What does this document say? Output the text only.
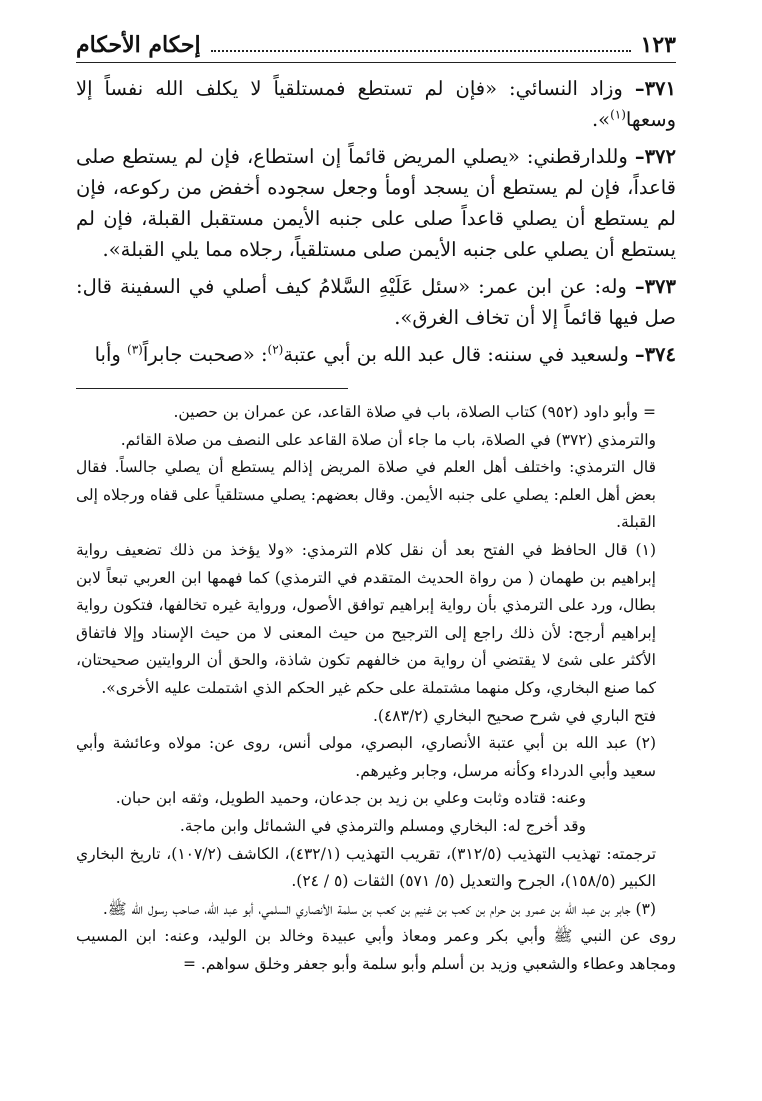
١٢٣
إحكام الأحكام

٣٧١– وزاد النسائي: «فإن لم تستطع فمستلقياً لا يكلف الله نفساً إلا وسعها$^{(١)}$».

٣٧٢– وللدارقطني: «يصلي المريض قائماً إن استطاع، فإن لم يستطع صلى قاعداً، فإن لم يستطع أن يسجد أومأ وجعل سجوده أخفض من ركوعه، فإن لم يستطع أن يصلي قاعداً صلى على جنبه الأيمن مستقبل القبلة، فإن لم يستطع أن يصلي على جنبه الأيمن صلى مستلقياً، رجلاه مما يلي القبلة».

٣٧٣– وله: عن ابن عمر: «سئل عَلَيْهِ السَّلامُ كيف أصلي في السفينة قال: صل فيها قائماً إلا أن تخاف الغرق».

٣٧٤– ولسعيد في سننه: قال عبد الله بن أبي عتبة$^{(٢)}$: «صحبت جابراً$^{(٣)}$ وأبا

= وأبو داود (٩٥٢) كتاب الصلاة، باب في صلاة القاعد، عن عمران بن حصين.

والترمذي (٣٧٢) في الصلاة، باب ما جاء أن صلاة القاعد على النصف من صلاة القائم.

قال الترمذي: واختلف أهل العلم في صلاة المريض إذالم يستطع أن يصلي جالساً. فقال بعض أهل العلم: يصلي على جنبه الأيمن. وقال بعضهم: يصلي مستلقياً على قفاه ورجلاه إلى القبلة.

(١) قال الحافظ في الفتح بعد أن نقل كلام الترمذي: «ولا يؤخذ من ذلك تضعيف رواية إبراهيم بن طهمان ( من رواة الحديث المتقدم في الترمذي) كما فهمها ابن العربي تبعاً لابن بطال، ورد على الترمذي بأن رواية إبراهيم توافق الأصول، ورواية غيره تخالفها، فتكون رواية إبراهيم أرجح: لأن ذلك راجع إلى الترجيح من حيث المعنى لا من حيث الإسناد وإلا فاتفاق الأكثر على شئ لا يقتضي أن رواية من خالفهم تكون شاذة، والحق أن الروايتين صحيحتان، كما صنع البخاري، وكل منهما مشتملة على حكم غير الحكم الذي اشتملت عليه الأخرى».

فتح الباري في شرح صحيح البخاري (٤٨٣/٢).

(٢) عبد الله بن أبي عتبة الأنصاري، البصري، مولى أنس، روى عن: مولاه وعائشة وأبي سعيد وأبي الدرداء وكأنه مرسل، وجابر وغيرهم.

وعنه: قتاده وثابت وعلي بن زيد بن جدعان، وحميد الطويل، وثقه ابن حبان.

وقد أخرج له: البخاري ومسلم والترمذي في الشمائل وابن ماجة.

ترجمته: تهذيب التهذيب (٣١٢/٥)، تقريب التهذيب (٤٣٢/١)، الكاشف (١٠٧/٢)، تاريخ البخاري الكبير (١٥٨/٥)، الجرح والتعديل (٥/ ٥٧١) الثقات (٥ / ٢٤).

(٣) جابر بن عبد الله بن عمرو بن حرام بن كعب بن غنيم بن كعب بن سلمة الأنصاري السلمي، أبو عبد الله، صاحب رسول الله ﷺ.

روى عن النبي ﷺ وأبي بكر وعمر ومعاذ وأبي عبيدة وخالد بن الوليد، وعنه: ابن المسيب ومجاهد وعطاء والشعبي وزيد بن أسلم وأبو سلمة وأبو جعفر وخلق سواهم. =
